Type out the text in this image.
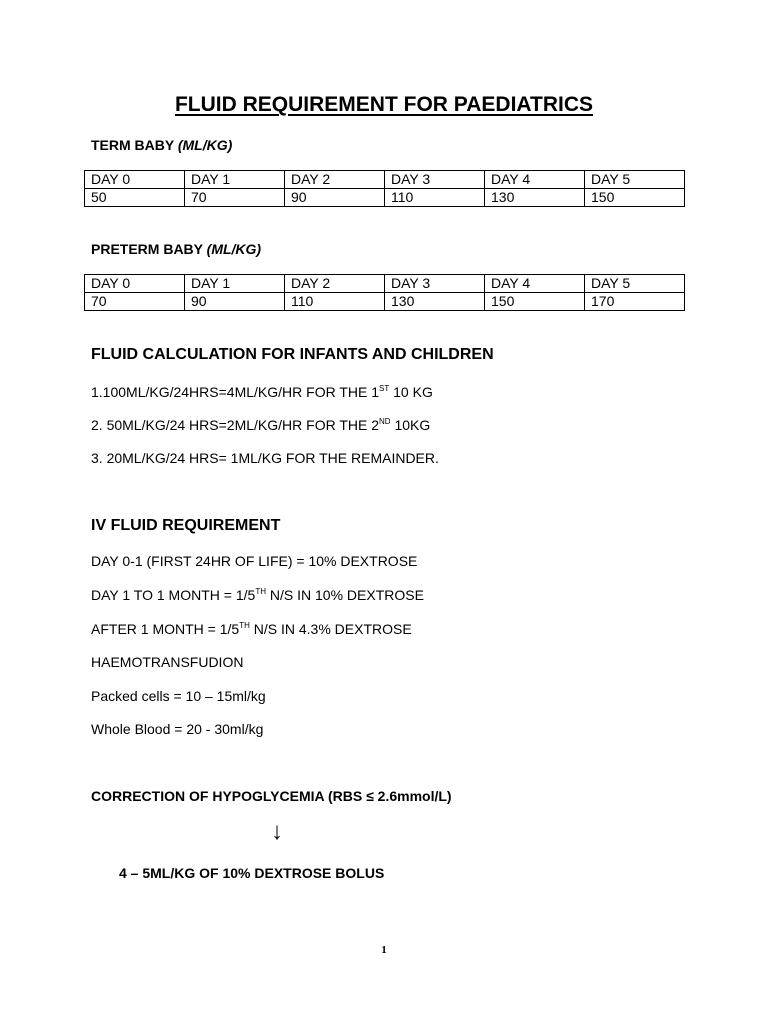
FLUID REQUIREMENT FOR PAEDIATRICS
TERM BABY (ML/KG)
DAY 0	DAY 1	DAY 2	DAY 3	DAY 4	DAY 5
50	70	90	110	130	150
PRETERM BABY (ML/KG)
DAY 0	DAY 1	DAY 2	DAY 3	DAY 4	DAY 5
70	90	110	130	150	170
FLUID CALCULATION FOR INFANTS AND CHILDREN
1.100ML/KG/24HRS=4ML/KG/HR FOR THE 1ST 10 KG
2. 50ML/KG/24 HRS=2ML/KG/HR FOR THE 2ND 10KG
3. 20ML/KG/24 HRS= 1ML/KG FOR THE REMAINDER.
IV FLUID REQUIREMENT
DAY 0-1 (FIRST 24HR OF LIFE) = 10% DEXTROSE
DAY 1 TO 1 MONTH = 1/5TH N/S IN 10% DEXTROSE
AFTER 1 MONTH = 1/5TH N/S IN 4.3% DEXTROSE
HAEMOTRANSFUDION
Packed cells = 10 – 15ml/kg
Whole Blood = 20 - 30ml/kg
CORRECTION OF HYPOGLYCEMIA (RBS ≤ 2.6mmol/L)
↓
4 – 5ML/KG OF 10% DEXTROSE BOLUS
1
